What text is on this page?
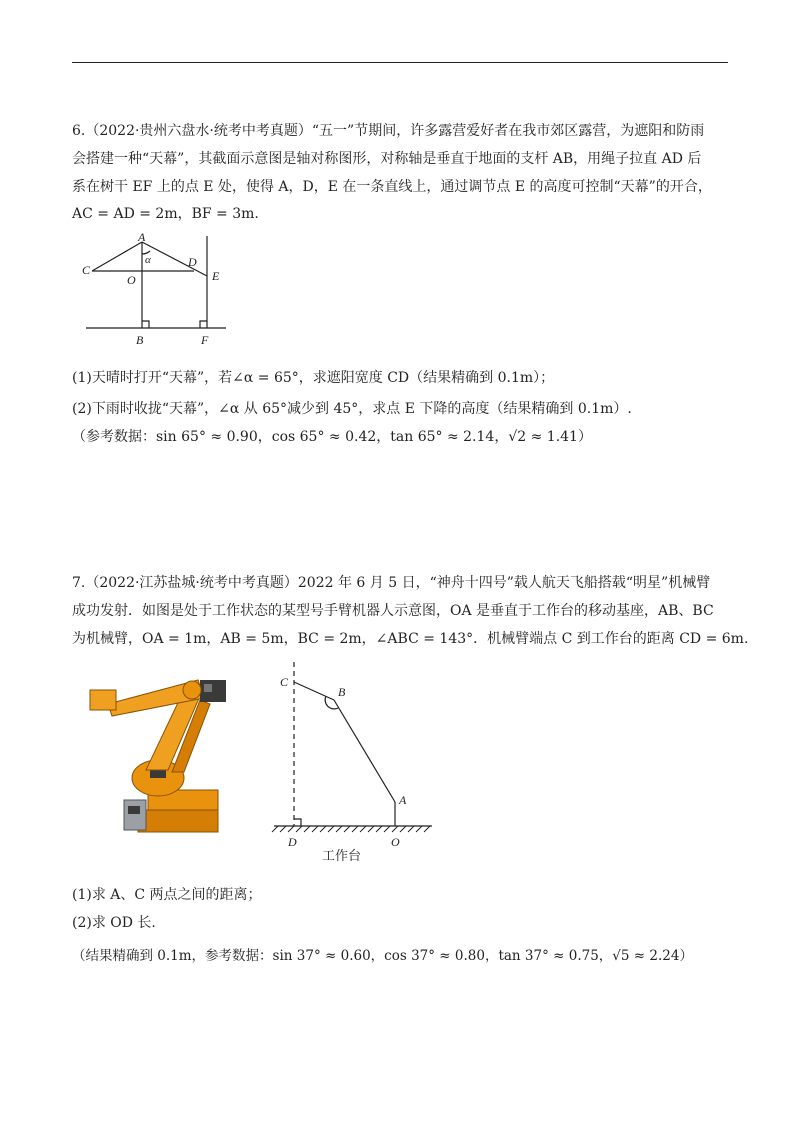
6.（2022·贵州六盘水·统考中考真题）“五一”节期间，许多露营爱好者在我市郊区露营，为遮阳和防雨

会搭建一种“天幕”，其截面示意图是轴对称图形，对称轴是垂直于地面的支杆 AB，用绳子拉直 AD 后

系在树干 EF 上的点 E 处，使得 A，D，E 在一条直线上，通过调节点 E 的高度可控制“天幕”的开合，

AC = AD = 2m，BF = 3m.

A
α
C
O
D
E
B	F

(1)天晴时打开“天幕”，若∠α = 65°，求遮阳宽度 CD（结果精确到 0.1m）；

(2)下雨时收拢“天幕”，∠α 从 65°减少到 45°，求点 E 下降的高度（结果精确到 0.1m）.

（参考数据：sin 65° ≈ 0.90，cos 65° ≈ 0.42，tan 65° ≈ 2.14，√2 ≈ 1.41）

7.（2022·江苏盐城·统考中考真题）2022 年 6 月 5 日，“神舟十四号”载人航天飞船搭载“明星”机械臂

成功发射．如图是处于工作状态的某型号手臂机器人示意图，OA 是垂直于工作台的移动基座，AB、BC

为机械臂，OA = 1m，AB = 5m，BC = 2m，∠ABC = 143°．机械臂端点 C 到工作台的距离 CD = 6m.

C
B
A
D	O
工作台

(1)求 A、C 两点之间的距离；

(2)求 OD 长.

（结果精确到 0.1m，参考数据：sin 37° ≈ 0.60，cos 37° ≈ 0.80，tan 37° ≈ 0.75，√5 ≈ 2.24）
